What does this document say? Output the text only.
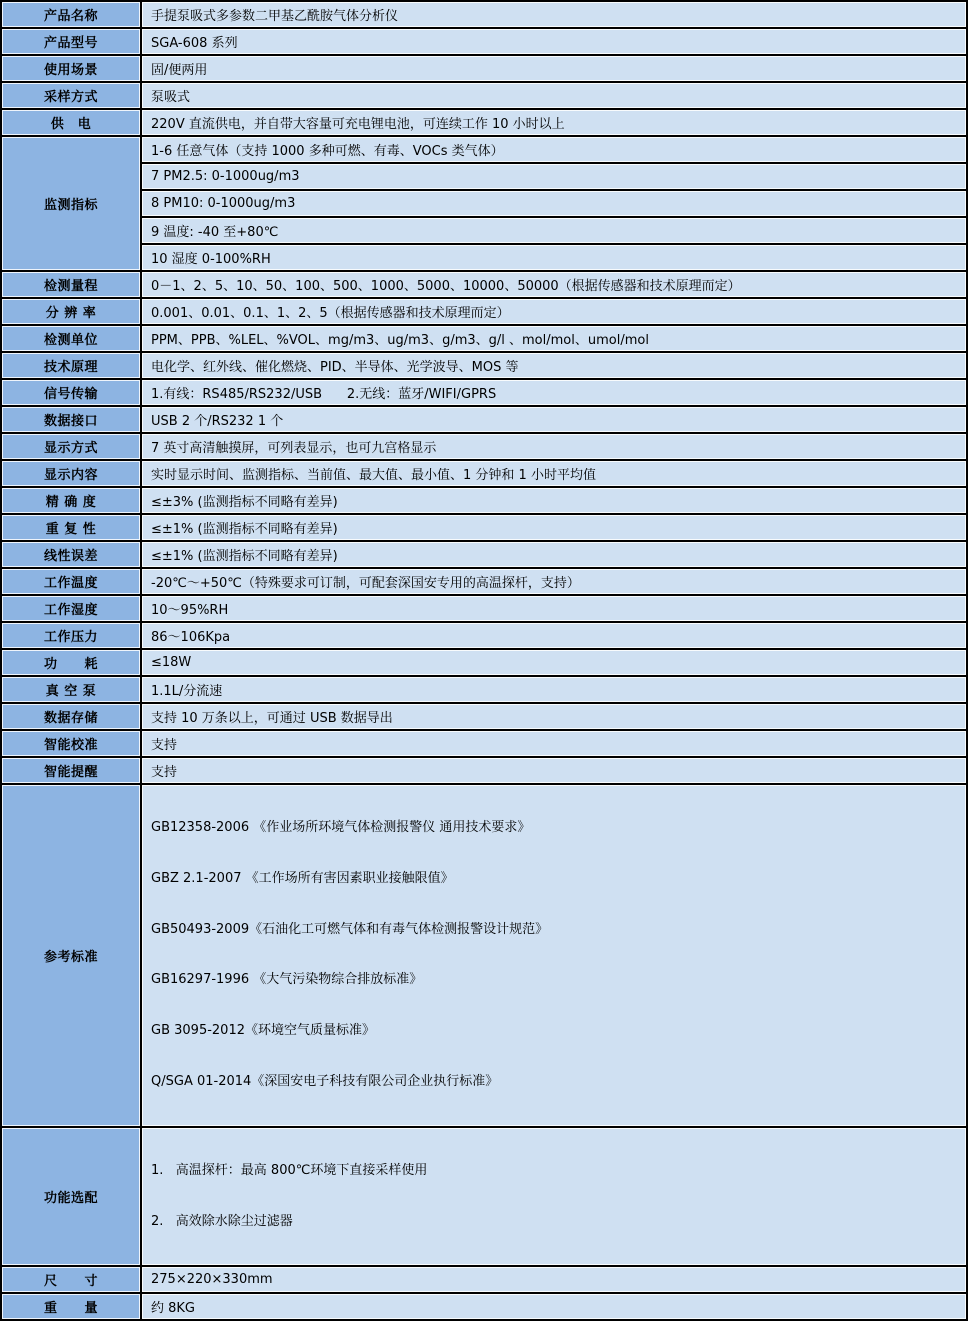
产品名称	手提泵吸式多参数二甲基乙酰胺气体分析仪
产品型号	SGA-608 系列
使用场景	固/便两用
采样方式	泵吸式
供　电	220V 直流供电，并自带大容量可充电锂电池，可连续工作 10 小时以上
监测指标	1-6 任意气体（支持 1000 多种可燃、有毒、VOCs 类气体）
	7 PM2.5: 0-1000ug/m3
	8 PM10: 0-1000ug/m3
	9 温度: -40 至+80℃
	10 湿度 0-100%RH
检测量程	0－1、2、5、10、50、100、500、1000、5000、10000、50000（根据传感器和技术原理而定）
分 辨 率	0.001、0.01、0.1、1、2、5（根据传感器和技术原理而定）
检测单位	PPM、PPB、%LEL、%VOL、mg/m3、ug/m3、g/m3、g/l 、mol/mol、umol/mol
技术原理	电化学、红外线、催化燃烧、PID、半导体、光学波导、MOS 等
信号传输	1.有线：RS485/RS232/USB      2.无线：蓝牙/WIFI/GPRS
数据接口	USB 2 个/RS232 1 个
显示方式	7 英寸高清触摸屏，可列表显示，也可九宫格显示
显示内容	实时显示时间、监测指标、当前值、最大值、最小值、1 分钟和 1 小时平均值
精 确 度	≤±3% (监测指标不同略有差异)
重 复 性	≤±1% (监测指标不同略有差异)
线性误差	≤±1% (监测指标不同略有差异)
工作温度	-20℃～+50℃（特殊要求可订制，可配套深国安专用的高温探杆，支持）
工作湿度	10～95%RH
工作压力	86～106Kpa
功　　耗	≤18W
真 空 泵	1.1L/分流速
数据存储	支持 10 万条以上，可通过 USB 数据导出
智能校准	支持
智能提醒	支持
参考标准	

GB12358-2006 《作业场所环境气体检测报警仪 通用技术要求》

GBZ 2.1-2007 《工作场所有害因素职业接触限值》

GB50493-2009《石油化工可燃气体和有毒气体检测报警设计规范》

GB16297-1996 《大气污染物综合排放标准》

GB 3095-2012《环境空气质量标准》

Q/SGA 01-2014《深国安电子科技有限公司企业执行标准》

功能选配	1.   高温探杆：最高 800℃环境下直接采样使用

2.   高效除水除尘过滤器

尺　　寸	275×220×330mm
重　　量	约 8KG
